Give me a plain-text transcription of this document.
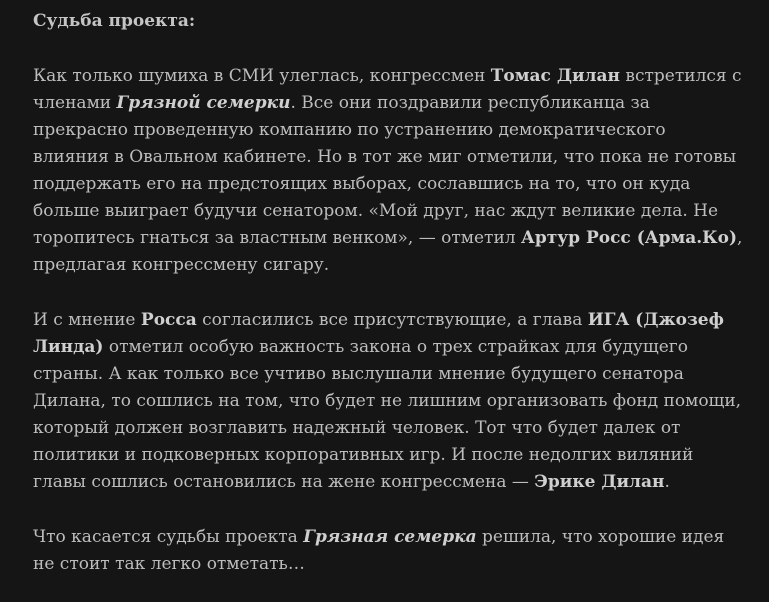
Судьба проекта:
Как только шумиха в СМИ улеглась, конгрессмен Томас Дилан встретился с членами Грязной семерки. Все они поздравили республиканца за прекрасно проведенную компанию по устранению демократического влияния в Овальном кабинете. Но в тот же миг отметили, что пока не готовы поддержать его на предстоящих выборах, сославшись на то, что он куда больше выиграет будучи сенатором. «Мой друг, нас ждут великие дела. Не торопитесь гнаться за властным венком», — отметил Артур Росс (Арма.Ко), предлагая конгрессмену сигару.
И с мнение Росса согласились все присутствующие, а глава ИГА (Джозеф Линда) отметил особую важность закона о трех страйках для будущего страны. А как только все учтиво выслушали мнение будущего сенатора Дилана, то сошлись на том, что будет не лишним организовать фонд помощи, который должен возглавить надежный человек. Тот что будет далек от политики и подковерных корпоративных игр. И после недолгих виляний главы сошлись остановились на жене конгрессмена — Эрике Дилан.
Что касается судьбы проекта Грязная семерка решила, что хорошие идея не стоит так легко отметать…
